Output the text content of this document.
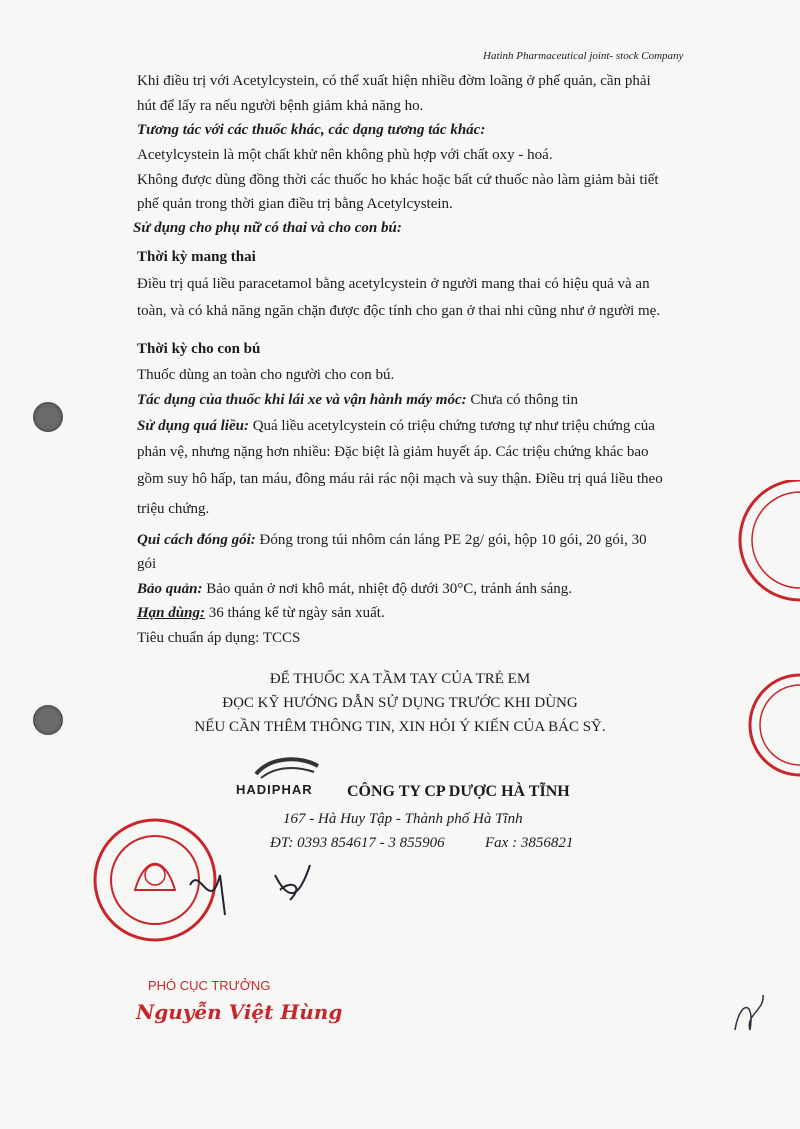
Hatinh Pharmaceutical joint- stock Company
Khi điều trị với Acetylcystein, có thể xuất hiện nhiều đờm loãng ở phế quản, cần phải
hút để lấy ra nếu người bệnh giảm khả năng ho.
Tương tác với các thuốc khác, các dạng tương tác khác:
Acetylcystein là một chất khử nên không phù hợp với chất oxy - hoá.
Không được dùng đồng thời các thuốc ho khác hoặc bất cứ thuốc nào làm giảm bài tiết
phế quản trong thời gian điều trị bằng Acetylcystein.
Sử dụng cho phụ nữ có thai và cho con bú:
Thời kỳ mang thai
Điều trị quá liều paracetamol bằng acetylcystein ở người mang thai có hiệu quả và an
toàn, và có khả năng ngăn chặn được độc tính cho gan ở thai nhi cũng như ở người mẹ.
Thời kỳ cho con bú
Thuốc dùng an toàn cho người cho con bú.
Tác dụng của thuốc khi lái xe và vận hành máy móc: Chưa có thông tin
Sử dụng quá liều: Quá liều acetylcystein có triệu chứng tương tự như triệu chứng của
phản vệ, nhưng nặng hơn nhiều: Đặc biệt là giảm huyết áp. Các triệu chứng khác bao
gồm suy hô hấp, tan máu, đông máu rải rác nội mạch và suy thận. Điều trị quá liều theo
triệu chứng.
Qui cách đóng gói: Đóng trong túi nhôm cán láng PE 2g/ gói, hộp 10 gói, 20 gói, 30
gói
Bảo quản: Bảo quản ở nơi khô mát, nhiệt độ dưới 30°C, tránh ánh sáng.
Hạn dùng: 36 tháng kể từ ngày sản xuất.
Tiêu chuẩn áp dụng: TCCS
ĐỂ THUỐC XA TẦM TAY CỦA TRẺ EM
ĐỌC KỸ HƯỚNG DẪN SỬ DỤNG TRƯỚC KHI DÙNG
NẾU CẦN THÊM THÔNG TIN, XIN HỎI Ý KIẾN CỦA BÁC SỸ.
HADIPHAR CÔNG TY CP DƯỢC HÀ TĨNH
167 - Hà Huy Tập - Thành phố Hà Tĩnh
ĐT: 0393 854617 - 3 855906	Fax : 3856821
PHÓ CỤC TRƯỞNG
Nguyễn Việt Hùng
